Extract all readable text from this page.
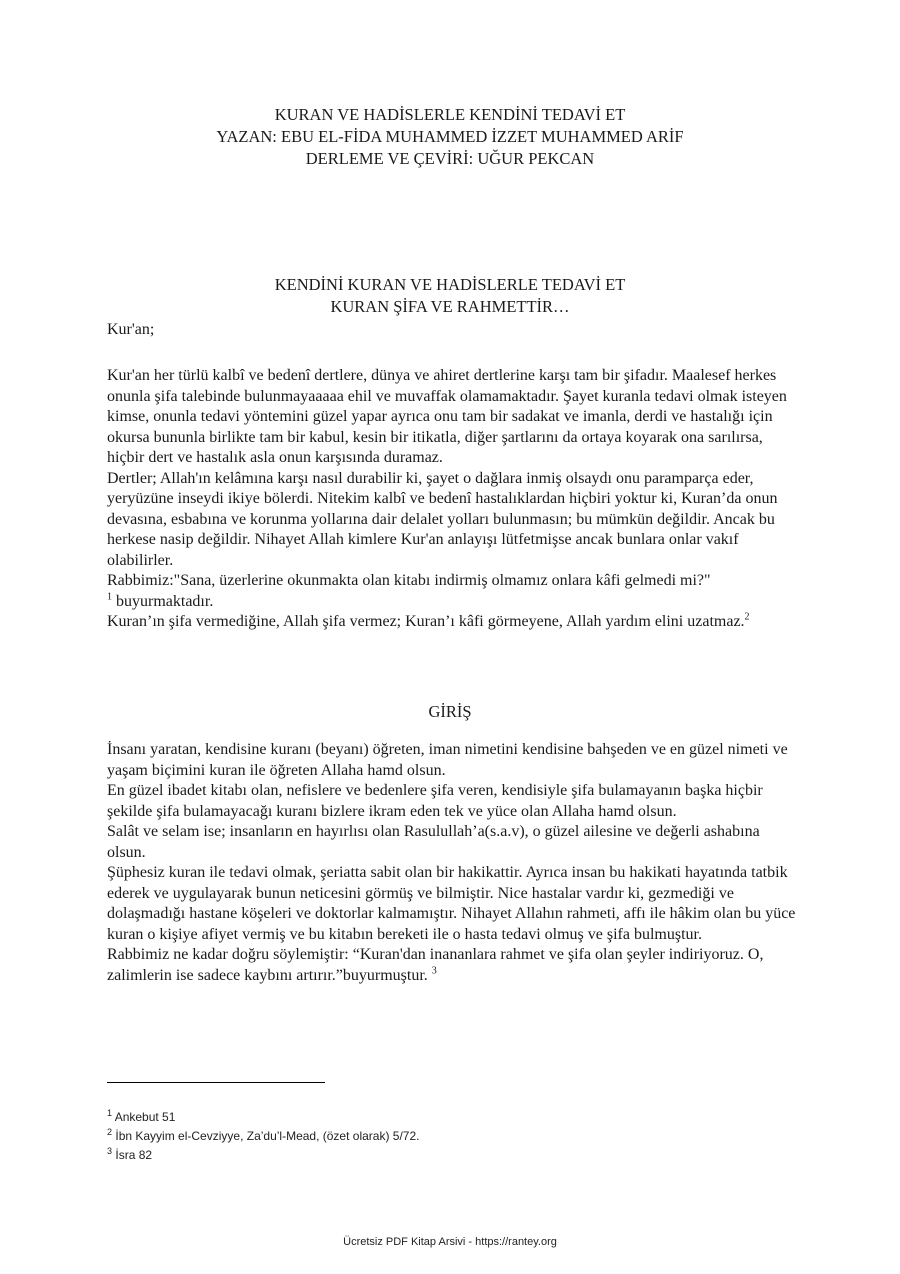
KURAN VE HADİSLERLE KENDİNİ TEDAVİ ET
YAZAN: EBU EL-FİDA MUHAMMED İZZET MUHAMMED ARİF
DERLEME VE ÇEVİRİ: UĞUR PEKCAN
KENDİNİ KURAN VE HADİSLERLE TEDAVİ ET
KURAN ŞİFA VE RAHMETTİR…
Kur'an;

Kur'an her türlü kalbî ve bedenî dertlere, dünya ve ahiret dertlerine karşı tam bir şifadır. Maalesef herkes onunla şifa talebinde bulunmayaaaaa ehil ve muvaffak olamamaktadır. Şayet kuranla tedavi olmak isteyen kimse, onunla tedavi yöntemini güzel yapar ayrıca onu tam bir sadakat ve imanla, derdi ve hastalığı için okursa bununla birlikte tam bir kabul, kesin bir itikatla, diğer şartlarını da ortaya koyarak ona sarılırsa, hiçbir dert ve hastalık asla onun karşısında duramaz.

Dertler; Allah'ın kelâmına karşı nasıl durabilir ki, şayet o dağlara inmiş olsaydı onu paramparça eder, yeryüzüne inseydi ikiye bölerdi. Nitekim kalbî ve bedenî hastalıklardan hiçbiri yoktur ki, Kuran’da onun devasına, esbabına ve korunma yollarına dair delalet yolları bulunmasın; bu mümkün değildir. Ancak bu herkese nasip değildir. Nihayet Allah kimlere Kur'an anlayışı lütfetmişse ancak bunlara onlar vakıf olabilirler.

Rabbimiz:"Sana, üzerlerine okunmakta olan kitabı indirmiş olmamız onlara kâfi gelmedi mi?"
$^1$ buyurmaktadır.

Kuran’ın şifa vermediğine, Allah şifa vermez; Kuran’ı kâfi görmeyene, Allah yardım elini uzatmaz.$^2$

GİRİŞ

İnsanı yaratan, kendisine kuranı (beyanı) öğreten, iman nimetini kendisine bahşeden ve en güzel nimeti ve yaşam biçimini kuran ile öğreten Allaha hamd olsun.

En güzel ibadet kitabı olan, nefislere ve bedenlere şifa veren, kendisiyle şifa bulamayanın başka hiçbir şekilde şifa bulamayacağı kuranı bizlere ikram eden tek ve yüce olan Allaha hamd olsun.

Salât ve selam ise; insanların en hayırlısı olan Rasulullah’a(s.a.v), o güzel ailesine ve değerli ashabına olsun.

Şüphesiz kuran ile tedavi olmak, şeriatta sabit olan bir hakikattir. Ayrıca insan bu hakikati hayatında tatbik ederek ve uygulayarak bunun neticesini görmüş ve bilmiştir. Nice hastalar vardır ki, gezmediği ve dolaşmadığı hastane köşeleri ve doktorlar kalmamıştır. Nihayet Allahın rahmeti, affı ile hâkim olan bu yüce kuran o kişiye afiyet vermiş ve bu kitabın bereketi ile o hasta tedavi olmuş ve şifa bulmuştur.

Rabbimiz ne kadar doğru söylemiştir: “Kuran'dan inananlara rahmet ve şifa olan şeyler indiriyoruz. O, zalimlerin ise sadece kaybını artırır.”buyurmuştur. $^3$

$^1$ Ankebut 51
$^2$ İbn Kayyim el-Cevziyye, Za’du’l-Mead, (özet olarak) 5/72.
$^3$ İsra 82
Ücretsiz PDF Kitap Arsivi - https://rantey.org
